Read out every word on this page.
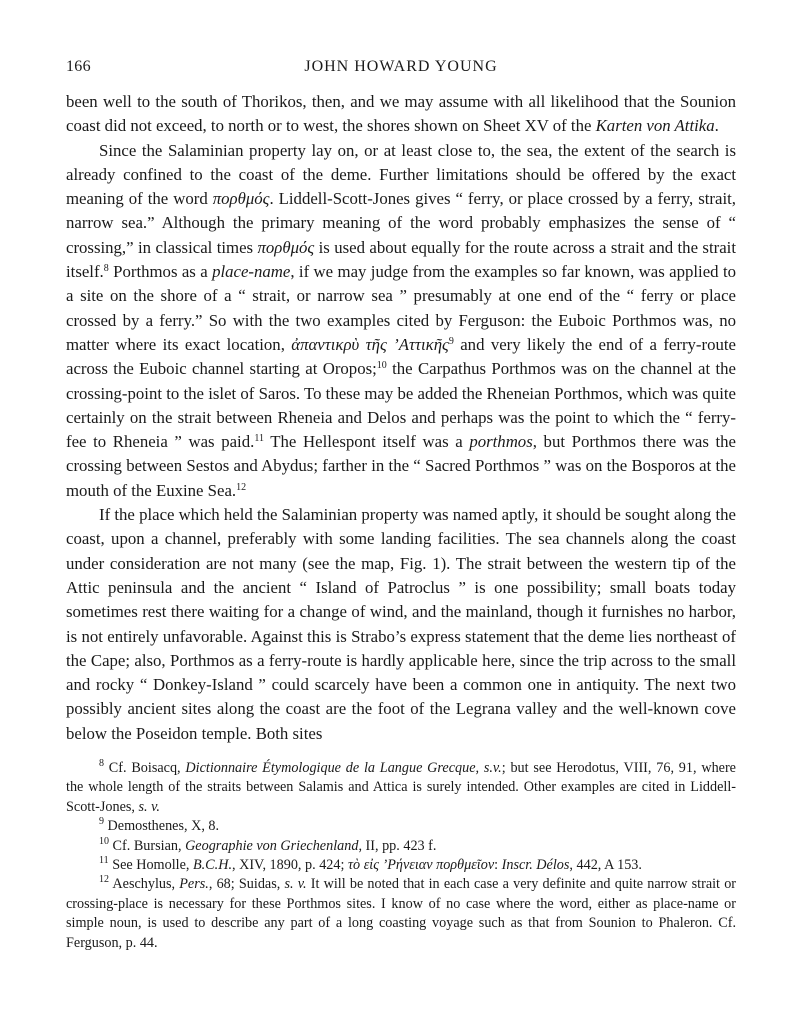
166	JOHN HOWARD YOUNG

been well to the south of Thorikos, then, and we may assume with all likelihood that the Sounion coast did not exceed, to north or to west, the shores shown on Sheet XV of the Karten von Attika.

Since the Salaminian property lay on, or at least close to, the sea, the extent of the search is already confined to the coast of the deme. Further limitations should be offered by the exact meaning of the word πορθμός. Liddell-Scott-Jones gives “ ferry, or place crossed by a ferry, strait, narrow sea.” Although the primary meaning of the word probably emphasizes the sense of “ crossing,” in classical times πορθμός is used about equally for the route across a strait and the strait itself.$^8$ Porthmos as a place-name, if we may judge from the examples so far known, was applied to a site on the shore of a “ strait, or narrow sea ” presumably at one end of the “ ferry or place crossed by a ferry.” So with the two examples cited by Ferguson: the Euboic Porthmos was, no matter where its exact location, ἀπαντικρὺ τῆς ’Αττικῆς$^9$ and very likely the end of a ferry-route across the Euboic channel starting at Oropos;$^{10}$ the Carpathus Porthmos was on the channel at the crossing-point to the islet of Saros. To these may be added the Rheneian Porthmos, which was quite certainly on the strait between Rheneia and Delos and perhaps was the point to which the “ ferry-fee to Rheneia ” was paid.$^{11}$ The Hellespont itself was a porthmos, but Porthmos there was the crossing between Sestos and Abydus; farther in the “ Sacred Porthmos ” was on the Bosporos at the mouth of the Euxine Sea.$^{12}$

If the place which held the Salaminian property was named aptly, it should be sought along the coast, upon a channel, preferably with some landing facilities. The sea channels along the coast under consideration are not many (see the map, Fig. 1). The strait between the western tip of the Attic peninsula and the ancient “ Island of Patroclus ” is one possibility; small boats today sometimes rest there waiting for a change of wind, and the mainland, though it furnishes no harbor, is not entirely unfavorable. Against this is Strabo’s express statement that the deme lies northeast of the Cape; also, Porthmos as a ferry-route is hardly applicable here, since the trip across to the small and rocky “ Donkey-Island ” could scarcely have been a common one in antiquity. The next two possibly ancient sites along the coast are the foot of the Legrana valley and the well-known cove below the Poseidon temple. Both sites

$^8$ Cf. Boisacq, Dictionnaire Étymologique de la Langue Grecque, s.v.; but see Herodotus, VIII, 76, 91, where the whole length of the straits between Salamis and Attica is surely intended. Other examples are cited in Liddell-Scott-Jones, s. v.

$^9$ Demosthenes, X, 8.

$^{10}$ Cf. Bursian, Geographie von Griechenland, II, pp. 423 f.

$^{11}$ See Homolle, B.C.H., XIV, 1890, p. 424; τὸ εἰς ’Ρήνειαν πορθμεῖον: Inscr. Délos, 442, A 153.

$^{12}$ Aeschylus, Pers., 68; Suidas, s. v. It will be noted that in each case a very definite and quite narrow strait or crossing-place is necessary for these Porthmos sites. I know of no case where the word, either as place-name or simple noun, is used to describe any part of a long coasting voyage such as that from Sounion to Phaleron. Cf. Ferguson, p. 44.
